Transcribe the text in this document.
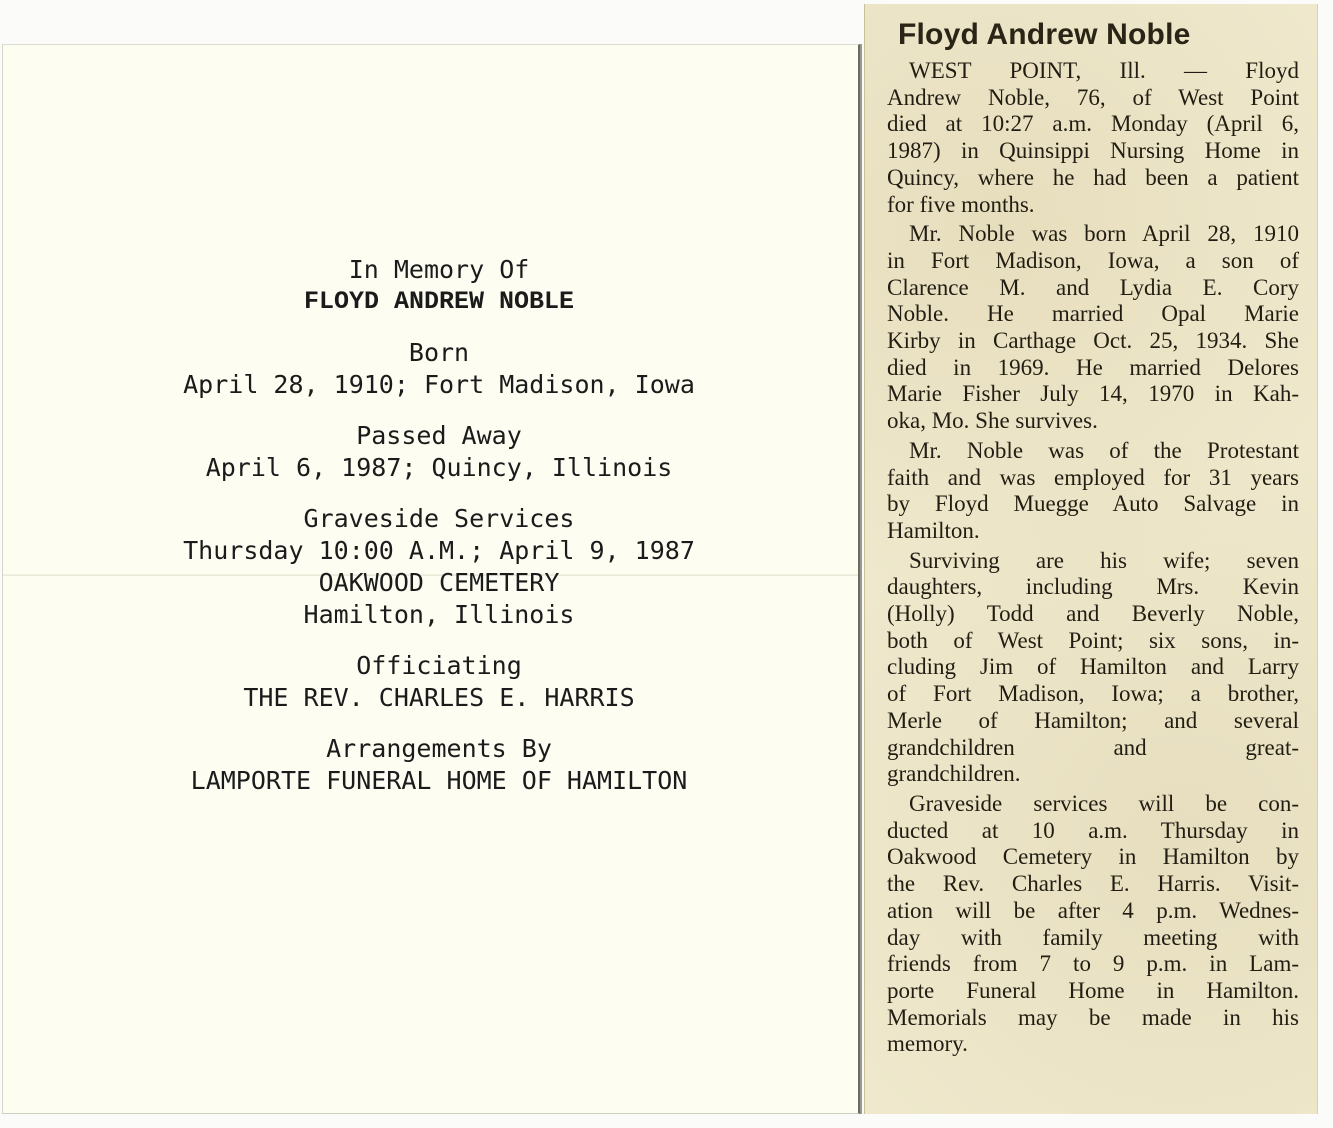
In Memory Of
FLOYD ANDREW NOBLE
Born
April 28, 1910; Fort Madison, Iowa
Passed Away
April 6, 1987; Quincy, Illinois
Graveside Services
Thursday 10:00 A.M.; April 9, 1987
OAKWOOD CEMETERY
Hamilton, Illinois
Officiating
THE REV. CHARLES E. HARRIS
Arrangements By
LAMPORTE FUNERAL HOME OF HAMILTON
Floyd Andrew Noble
WEST POINT, Ill. — Floyd
Andrew Noble, 76, of West Point
died at 10:27 a.m. Monday (April 6,
1987) in Quinsippi Nursing Home in
Quincy, where he had been a patient
for five months.
Mr. Noble was born April 28, 1910
in Fort Madison, Iowa, a son of
Clarence M. and Lydia E. Cory
Noble. He married Opal Marie
Kirby in Carthage Oct. 25, 1934. She
died in 1969. He married Delores
Marie Fisher July 14, 1970 in Kah-
oka, Mo. She survives.
Mr. Noble was of the Protestant
faith and was employed for 31 years
by Floyd Muegge Auto Salvage in
Hamilton.
Surviving are his wife; seven
daughters, including Mrs. Kevin
(Holly) Todd and Beverly Noble,
both of West Point; six sons, in-
cluding Jim of Hamilton and Larry
of Fort Madison, Iowa; a brother,
Merle of Hamilton; and several
grandchildren and great-
grandchildren.
Graveside services will be con-
ducted at 10 a.m. Thursday in
Oakwood Cemetery in Hamilton by
the Rev. Charles E. Harris. Visit-
ation will be after 4 p.m. Wednes-
day with family meeting with
friends from 7 to 9 p.m. in Lam-
porte Funeral Home in Hamilton.
Memorials may be made in his
memory.
